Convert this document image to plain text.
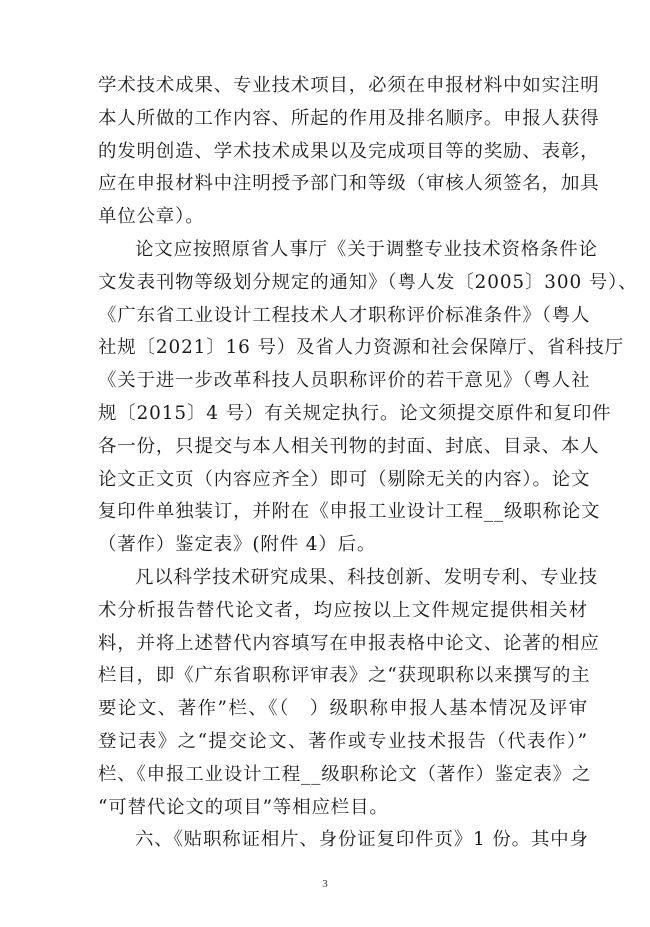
学术技术成果、专业技术项目，必须在申报材料中如实注明
本人所做的工作内容、所起的作用及排名顺序。申报人获得
的发明创造、学术技术成果以及完成项目等的奖励、表彰，
应在申报材料中注明授予部门和等级（审核人须签名，加具
单位公章）。
论文应按照原省人事厅《关于调整专业技术资格条件论
文发表刊物等级划分规定的通知》（粤人发〔2005〕300 号）、
《广东省工业设计工程技术人才职称评价标准条件》（粤人
社规〔2021〕16 号）及省人力资源和社会保障厅、省科技厅
《关于进一步改革科技人员职称评价的若干意见》（粤人社
规〔2015〕4 号）有关规定执行。论文须提交原件和复印件
各一份，只提交与本人相关刊物的封面、封底、目录、本人
论文正文页（内容应齐全）即可（剔除无关的内容）。论文
复印件单独装订，并附在《申报工业设计工程__级职称论文
（著作）鉴定表》(附件 4）后。
凡以科学技术研究成果、科技创新、发明专利、专业技
术分析报告替代论文者，均应按以上文件规定提供相关材
料，并将上述替代内容填写在申报表格中论文、论著的相应
栏目，即《广东省职称评审表》之“获现职称以来撰写的主
要论文、著作”栏、《（　）级职称申报人基本情况及评审
登记表》之“提交论文、著作或专业技术报告（代表作）”
栏、《申报工业设计工程__级职称论文（著作）鉴定表》之
“可替代论文的项目”等相应栏目。
六、《贴职称证相片、身份证复印件页》1 份。其中身
3
